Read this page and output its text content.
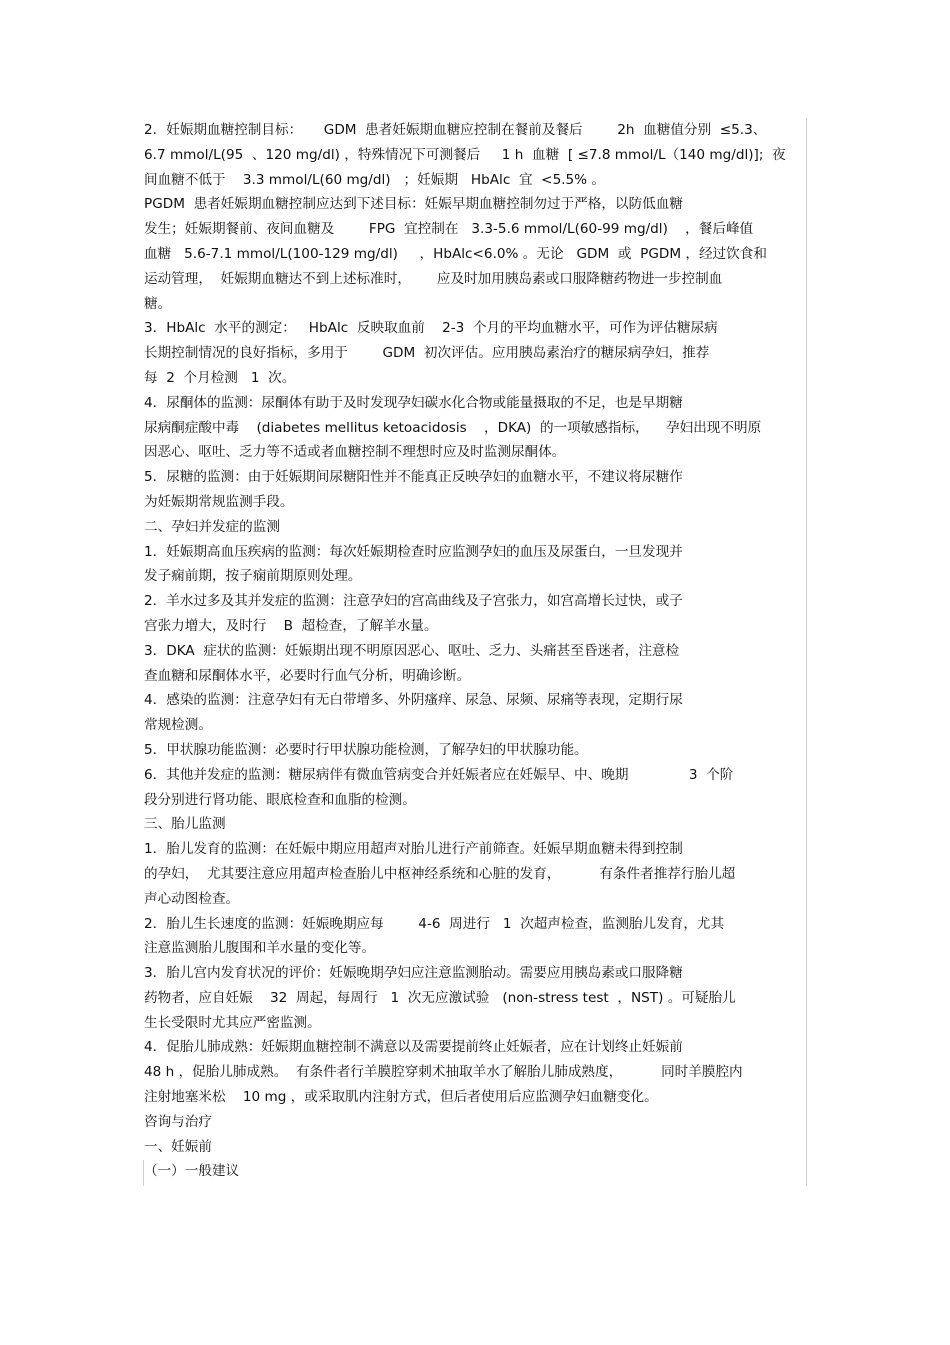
2．妊娠期血糖控制目标：     GDM  患者妊娠期血糖应控制在餐前及餐后        2h  血糖值分别  ≤5.3、
6.7 mmol/L(95  、120 mg/dl) ，特殊情况下可测餐后     1 h  血糖  [ ≤7.8 mmol/L（140 mg/dl)];  夜
间血糖不低于    3.3 mmol/L(60 mg/dl)   ；妊娠期   HbAlc  宜  <5.5% 。
PGDM  患者妊娠期血糖控制应达到下述目标：妊娠早期血糖控制勿过于严格，以防低血糖
发生；妊娠期餐前、夜间血糖及        FPG  宜控制在   3.3-5.6 mmol/L(60-99 mg/dl)    ，餐后峰值
血糖   5.6-7.1 mmol/L(100-129 mg/dl)     ，HbAlc<6.0% 。无论   GDM  或  PGDM ，经过饮食和
运动管理，  妊娠期血糖达不到上述标准时，      应及时加用胰岛素或口服降糖药物进一步控制血
糖。
3．HbAlc  水平的测定：   HbAlc  反映取血前    2-3  个月的平均血糖水平，可作为评估糖尿病
长期控制情况的良好指标，多用于        GDM  初次评估。应用胰岛素治疗的糖尿病孕妇，推荐
每  2  个月检测   1  次。
4．尿酮体的监测：尿酮体有助于及时发现孕妇碳水化合物或能量摄取的不足，也是早期糖
尿病酮症酸中毒    (diabetes mellitus ketoacidosis    ，DKA)  的一项敏感指标，    孕妇出现不明原
因恶心、呕吐、乏力等不适或者血糖控制不理想时应及时监测尿酮体。
5．尿糖的监测：由于妊娠期间尿糖阳性并不能真正反映孕妇的血糖水平，不建议将尿糖作
为妊娠期常规监测手段。
二、孕妇并发症的监测
1．妊娠期高血压疾病的监测：每次妊娠期检查时应监测孕妇的血压及尿蛋白，一旦发现并
发子痫前期，按子痫前期原则处理。
2．羊水过多及其并发症的监测：注意孕妇的宫高曲线及子宫张力，如宫高增长过快，或子
宫张力增大，及时行    B  超检查，了解羊水量。
3．DKA  症状的监测：妊娠期出现不明原因恶心、呕吐、乏力、头痛甚至昏迷者，注意检
查血糖和尿酮体水平，必要时行血气分析，明确诊断。
4．感染的监测：注意孕妇有无白带增多、外阴瘙痒、尿急、尿频、尿痛等表现，定期行尿
常规检测。
5．甲状腺功能监测：必要时行甲状腺功能检测，了解孕妇的甲状腺功能。
6．其他并发症的监测：糖尿病伴有微血管病变合并妊娠者应在妊娠早、中、晚期              3  个阶
段分别进行肾功能、眼底检查和血脂的检测。
三、胎儿监测
1．胎儿发育的监测：在妊娠中期应用超声对胎儿进行产前筛查。妊娠早期血糖未得到控制
的孕妇，  尤其要注意应用超声检查胎儿中枢神经系统和心脏的发育，         有条件者推荐行胎儿超
声心动图检查。
2．胎儿生长速度的监测：妊娠晚期应每        4-6  周进行   1  次超声检查，监测胎儿发育，尤其
注意监测胎儿腹围和羊水量的变化等。
3．胎儿宫内发育状况的评价：妊娠晚期孕妇应注意监测胎动。需要应用胰岛素或口服降糖
药物者，应自妊娠    32  周起，每周行   1  次无应激试验   (non-stress test  ，NST) 。可疑胎儿
生长受限时尤其应严密监测。
4．促胎儿肺成熟：妊娠期血糖控制不满意以及需要提前终止妊娠者，应在计划终止妊娠前
48 h ，促胎儿肺成熟。  有条件者行羊膜腔穿刺术抽取羊水了解胎儿肺成熟度，         同时羊膜腔内
注射地塞米松    10 mg ，或采取肌内注射方式，但后者使用后应监测孕妇血糖变化。
咨询与治疗
一、妊娠前
（一）一般建议
